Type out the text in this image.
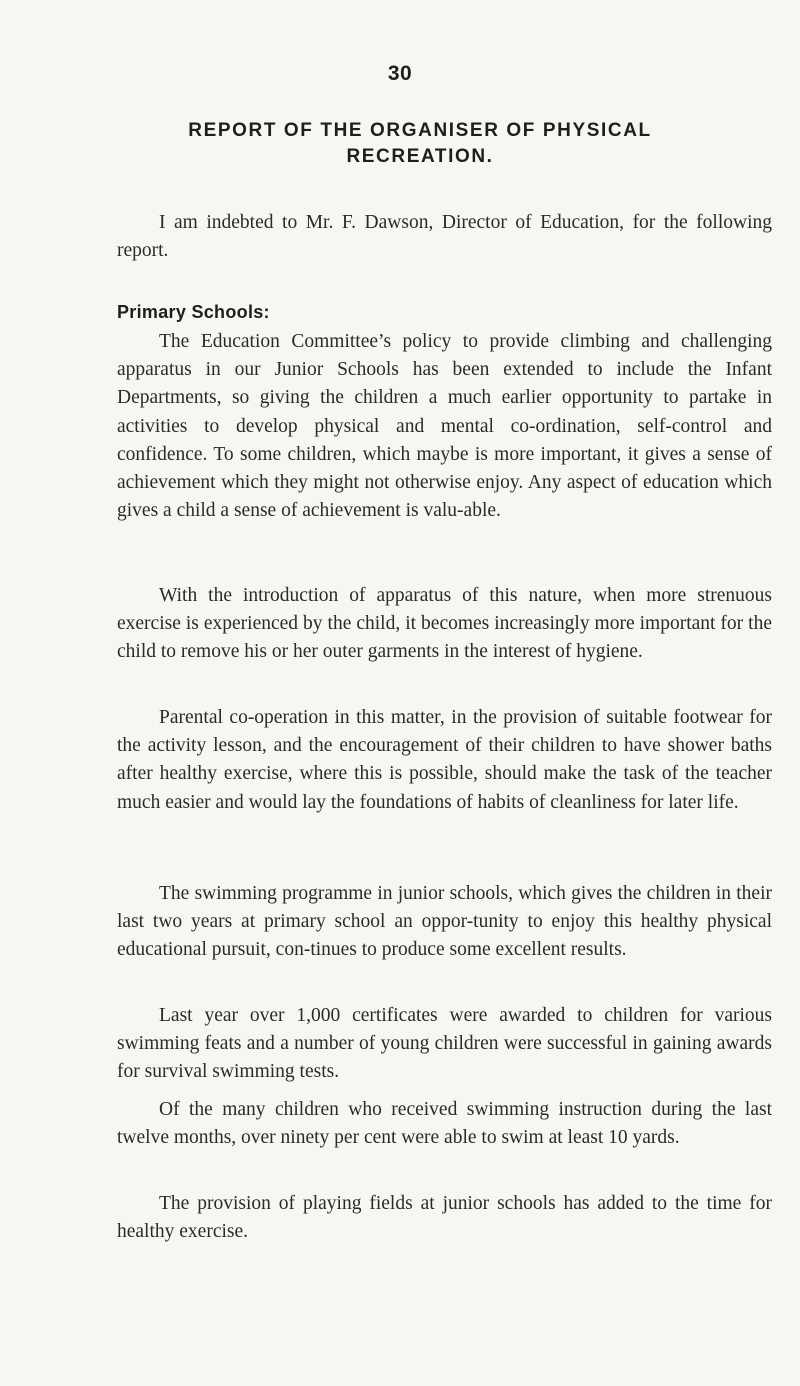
30
REPORT OF THE ORGANISER OF PHYSICAL RECREATION.

I am indebted to Mr. F. Dawson, Director of Education, for the following report.

Primary Schools:

The Education Committee’s policy to provide climbing and challenging apparatus in our Junior Schools has been extended to include the Infant Departments, so giving the children a much earlier opportunity to partake in activities to develop physical and mental co-ordination, self-control and confidence. To some children, which maybe is more important, it gives a sense of achievement which they might not otherwise enjoy. Any aspect of education which gives a child a sense of achievement is valu-able.

With the introduction of apparatus of this nature, when more strenuous exercise is experienced by the child, it becomes increasingly more important for the child to remove his or her outer garments in the interest of hygiene.

Parental co-operation in this matter, in the provision of suitable footwear for the activity lesson, and the encouragement of their children to have shower baths after healthy exercise, where this is possible, should make the task of the teacher much easier and would lay the foundations of habits of cleanliness for later life.

The swimming programme in junior schools, which gives the children in their last two years at primary school an oppor-tunity to enjoy this healthy physical educational pursuit, con-tinues to produce some excellent results.

Last year over 1,000 certificates were awarded to children for various swimming feats and a number of young children were successful in gaining awards for survival swimming tests.

Of the many children who received swimming instruction during the last twelve months, over ninety per cent were able to swim at least 10 yards.

The provision of playing fields at junior schools has added to the time for healthy exercise.
